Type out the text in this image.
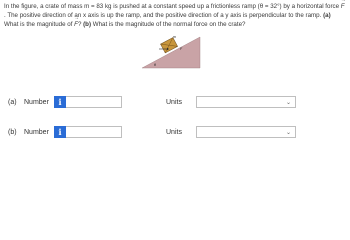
In the figure, a crate of mass m = 83 kg is pushed at a constant speed up a frictionless ramp (θ = 32°) by a horizontal force → F. The positive direction of an x axis is up the ramp, and the positive direction of a y axis is perpendicular to the ramp. (a) What is the magnitude of → F? (b) What is the magnitude of the normal force on the crate?
m
F
θ
(a)	Number	i	Units	⌄
(b)	Number	i	Units	⌄
